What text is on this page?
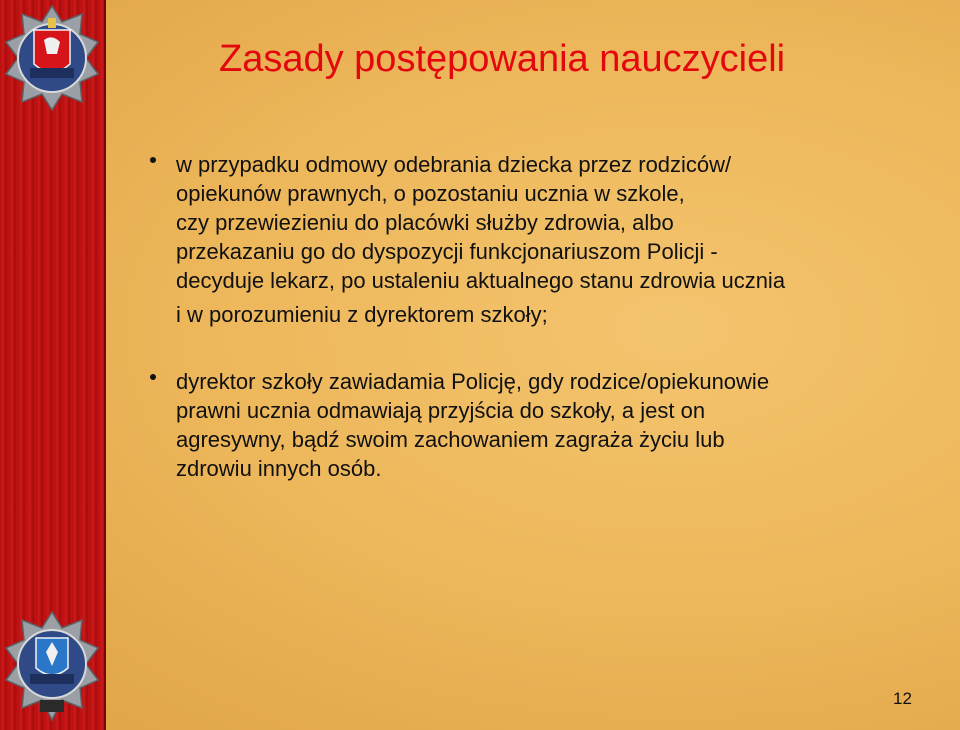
Zasady postępowania nauczycieli
w przypadku odmowy odebrania dziecka przez rodziców/
opiekunów prawnych, o pozostaniu ucznia w szkole,
czy przewiezieniu do placówki służby zdrowia, albo
przekazaniu go do dyspozycji funkcjonariuszom Policji -
decyduje lekarz, po ustaleniu aktualnego stanu zdrowia ucznia
i w porozumieniu z dyrektorem szkoły;
dyrektor szkoły zawiadamia Policję, gdy rodzice/opiekunowie
prawni ucznia odmawiają przyjścia do szkoły, a jest on
agresywny, bądź swoim zachowaniem zagraża życiu lub
zdrowiu innych osób.
12
